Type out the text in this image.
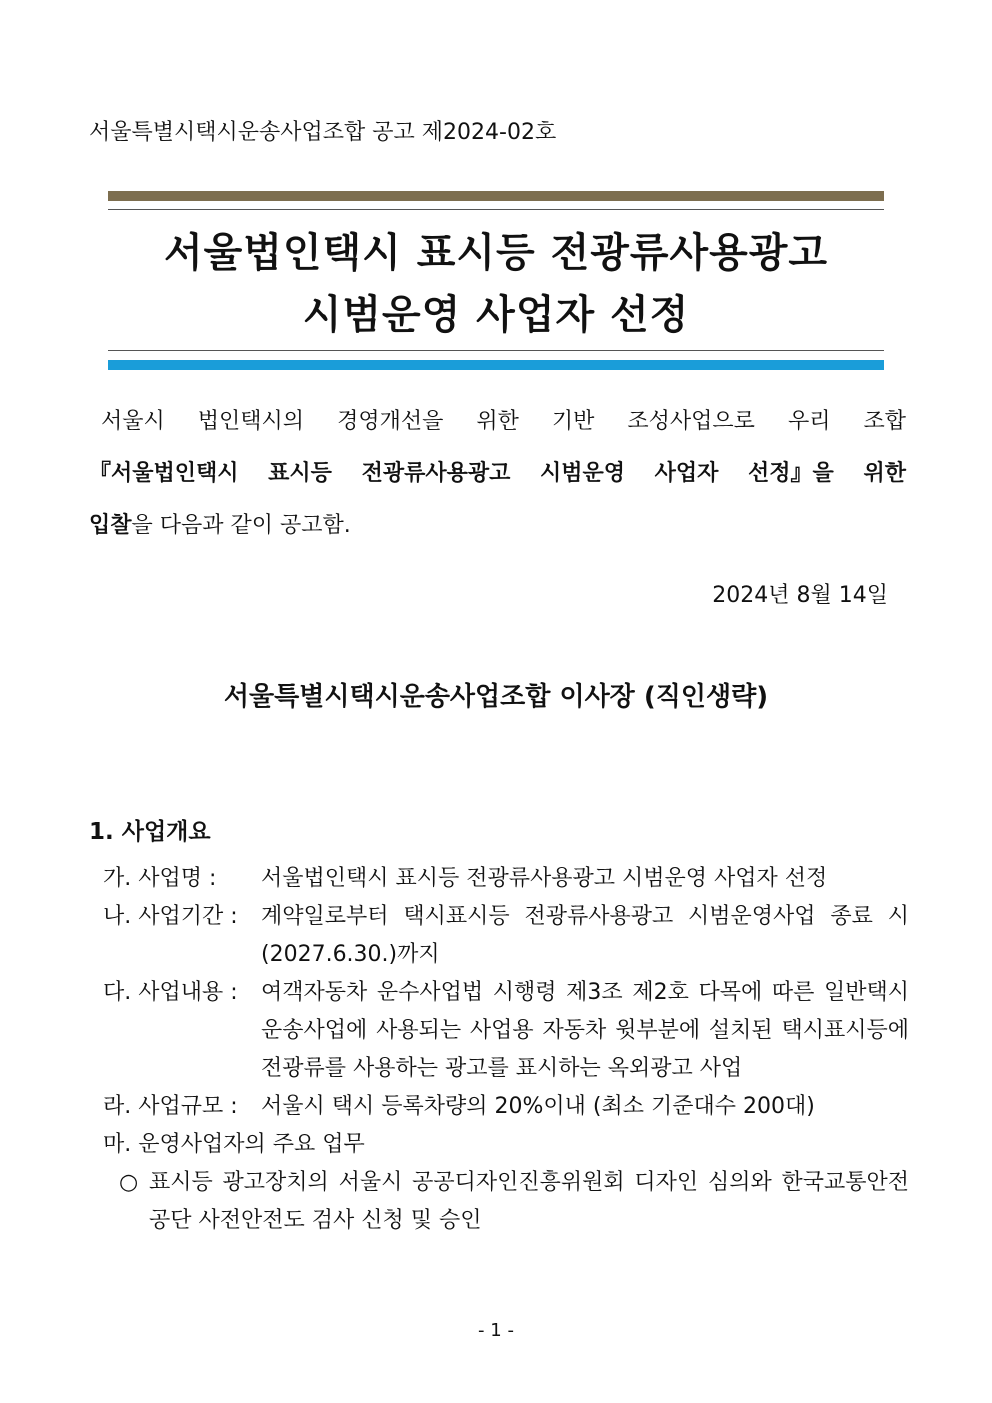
서울특별시택시운송사업조합 공고 제2024-02호
서울법인택시 표시등 전광류사용광고
시범운영 사업자 선정
서울시 법인택시의 경영개선을 위한 기반 조성사업으로 우리 조합
『서울법인택시 표시등 전광류사용광고 시범운영 사업자 선정』을 위한
입찰 을 다음과 같이 공고함.
2024년 8월 14일
서울특별시택시운송사업조합 이사장 (직인생략)
1. 사업개요
가. 사업명 :	서울법인택시 표시등 전광류사용광고 시범운영 사업자 선정
나. 사업기간 :	계약일로부터 택시표시등 전광류사용광고 시범운영사업 종료 시(2027.6.30.)까지
다. 사업내용 :	여객자동차 운수사업법 시행령 제3조 제2호 다목에 따른 일반택시운송사업에 사용되는 사업용 자동차 윗부분에 설치된 택시표시등에 전광류를 사용하는 광고를 표시하는 옥외광고 사업
라. 사업규모 :	서울시 택시 등록차량의 20%이내 (최소 기준대수 200대)
마. 운영사업자의 주요 업무
○ 표시등 광고장치의 서울시 공공디자인진흥위원회 디자인 심의와 한국교통안전공단 사전안전도 검사 신청 및 승인
- 1 -
